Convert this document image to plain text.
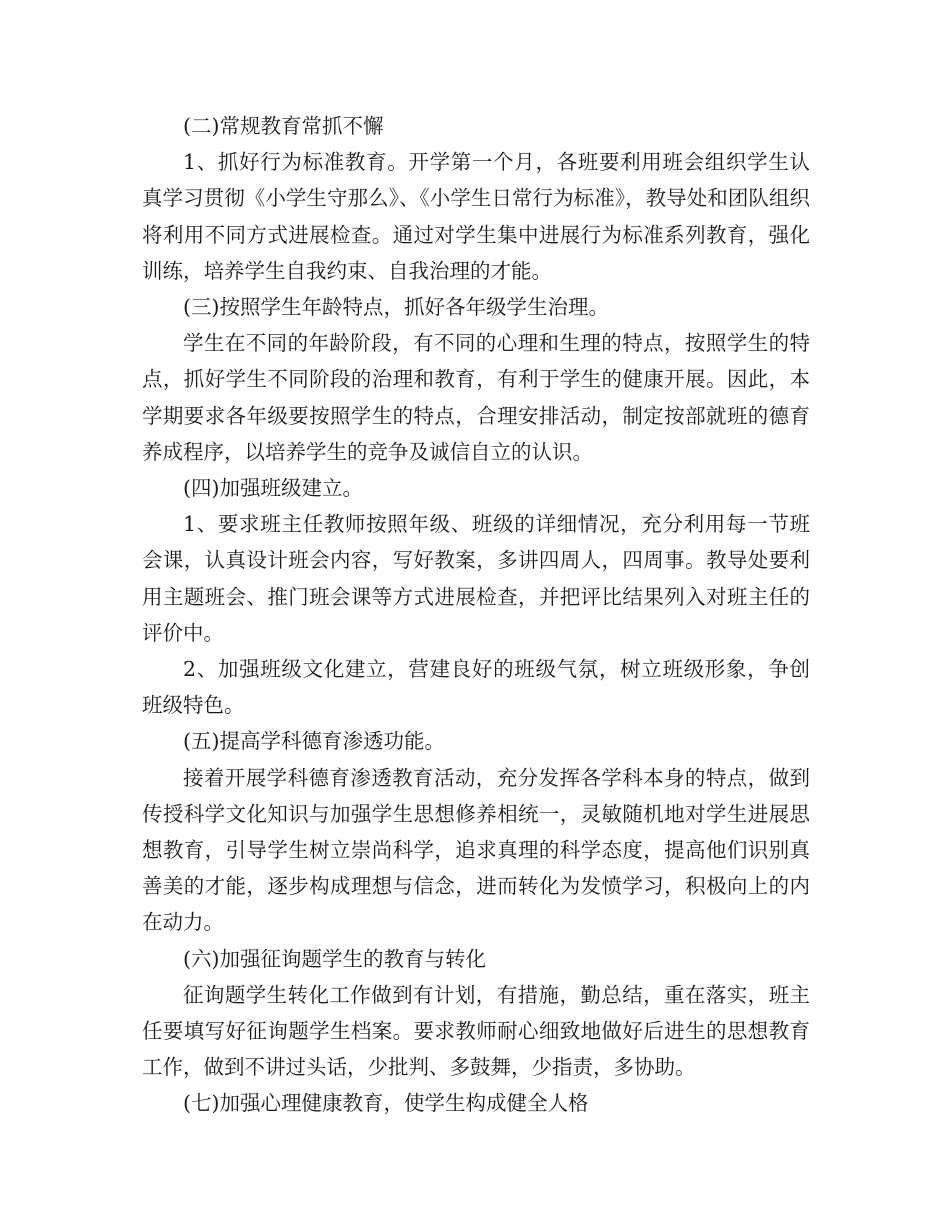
(二)常规教育常抓不懈

1、抓好行为标准教育。开学第一个月，各班要利用班会组织学生认真学习贯彻《小学生守那么》、《小学生日常行为标准》，教导处和团队组织将利用不同方式进展检查。通过对学生集中进展行为标准系列教育，强化训练，培养学生自我约束、自我治理的才能。

(三)按照学生年龄特点，抓好各年级学生治理。

学生在不同的年龄阶段，有不同的心理和生理的特点，按照学生的特点，抓好学生不同阶段的治理和教育，有利于学生的健康开展。因此，本学期要求各年级要按照学生的特点，合理安排活动，制定按部就班的德育养成程序，以培养学生的竞争及诚信自立的认识。

(四)加强班级建立。

1、要求班主任教师按照年级、班级的详细情况，充分利用每一节班会课，认真设计班会内容，写好教案，多讲四周人，四周事。教导处要利用主题班会、推门班会课等方式进展检查，并把评比结果列入对班主任的评价中。

2、加强班级文化建立，营建良好的班级气氛，树立班级形象，争创班级特色。

(五)提高学科德育渗透功能。

接着开展学科德育渗透教育活动，充分发挥各学科本身的特点，做到传授科学文化知识与加强学生思想修养相统一，灵敏随机地对学生进展思想教育，引导学生树立崇尚科学，追求真理的科学态度，提高他们识别真善美的才能，逐步构成理想与信念，进而转化为发愤学习，积极向上的内在动力。

(六)加强征询题学生的教育与转化

征询题学生转化工作做到有计划，有措施，勤总结，重在落实，班主任要填写好征询题学生档案。要求教师耐心细致地做好后进生的思想教育工作，做到不讲过头话，少批判、多鼓舞，少指责，多协助。

(七)加强心理健康教育，使学生构成健全人格
